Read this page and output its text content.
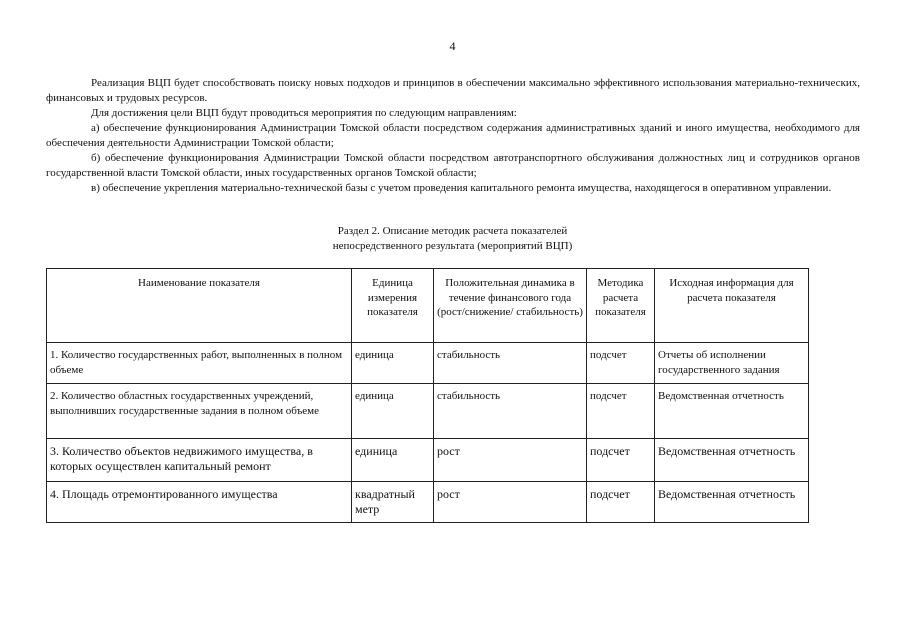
4

Реализация ВЦП будет способствовать поиску новых подходов и принципов в обеспечении максимально эффективного использования материально-технических, финансовых и трудовых ресурсов.

Для достижения цели ВЦП будут проводиться мероприятия по следующим направлениям:

а) обеспечение функционирования Администрации Томской области посредством содержания административных зданий и иного имущества, необходимого для обеспечения деятельности Администрации Томской области;

б) обеспечение функционирования Администрации Томской области посредством автотранспортного обслуживания должностных лиц и сотрудников органов государственной власти Томской области, иных государственных органов Томской области;

в) обеспечение укрепления материально-технической базы с учетом проведения капитального ремонта имущества, находящегося в оперативном управлении.

Раздел 2. Описание методик расчета показателей
непосредственного результата (мероприятий ВЦП)
Наименование показателя	Единица измерения показателя	Положительная динамика в течение финансового года (рост/снижение/ стабильность)	Методика расчета показателя	Исходная информация для расчета показателя
1. Количество государственных работ, выполненных в полном объеме	единица	стабильность	подсчет	Отчеты об исполнении государственного задания
2. Количество областных государственных учреждений, выполнивших государственные задания в полном объеме	единица	стабильность	подсчет	Ведомственная отчетность
3. Количество объектов недвижимого имущества, в которых осуществлен капитальный ремонт	единица	рост	подсчет	Ведомственная отчетность
4. Площадь отремонтированного имущества	квадратный метр	рост	подсчет	Ведомственная отчетность
